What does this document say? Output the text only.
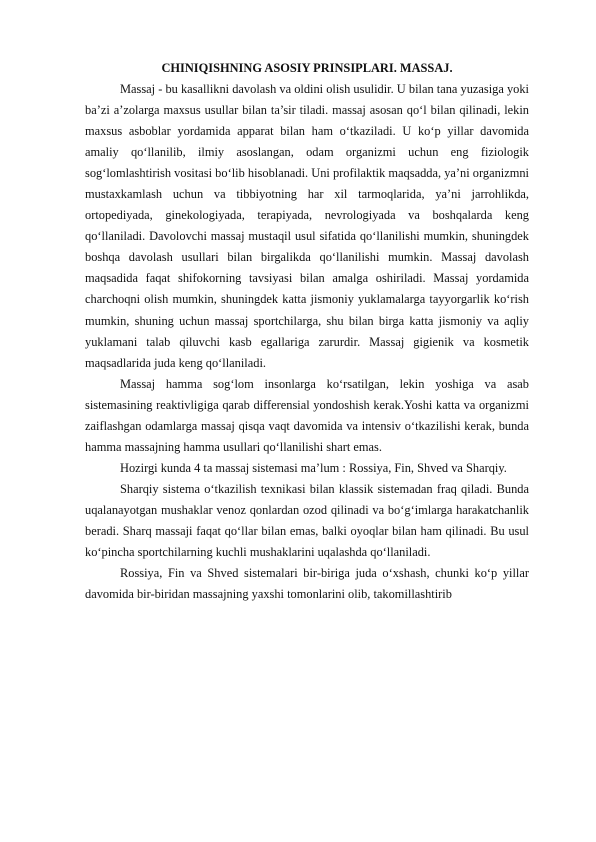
CHINIQISHNING ASOSIY PRINSIPLARI. MASSAJ.

Massaj - bu kasallikni davolash va oldini olish usulidir. U bilan tana yuzasiga yoki ba’zi a’zolarga maxsus usullar bilan ta’sir tiladi. massaj asosan qo‘l bilan qilinadi, lekin maxsus asboblar yordamida apparat bilan ham o‘tkaziladi. U ko‘p yillar davomida amaliy qo‘llanilib, ilmiy asoslangan, odam organizmi uchun eng fiziologik sog‘lomlashtirish vositasi bo‘lib hisoblanadi. Uni profilaktik maqsadda, ya’ni organizmni mustaxkamlash uchun va tibbiyotning har xil tarmoqlarida, ya’ni jarrohlikda, ortopediyada, ginekologiyada, terapiyada, nevrologiyada va boshqalarda keng qo‘llaniladi. Davolovchi massaj mustaqil usul sifatida qo‘llanilishi mumkin, shuningdek boshqa davolash usullari bilan birgalikda qo‘llanilishi mumkin. Massaj davolash maqsadida faqat shifokorning tavsiyasi bilan amalga oshiriladi. Massaj yordamida charchoqni olish mumkin, shuningdek katta jismoniy yuklamalarga tayyorgarlik ko‘rish mumkin, shuning uchun massaj sportchilarga, shu bilan birga katta jismoniy va aqliy yuklamani talab qiluvchi kasb egallariga zarurdir. Massaj gigienik va kosmetik maqsadlarida juda keng qo‘llaniladi.

Massaj hamma sog‘lom insonlarga ko‘rsatilgan, lekin yoshiga va asab sistemasining reaktivligiga qarab differensial yondoshish kerak.Yoshi katta va organizmi zaiflashgan odamlarga massaj qisqa vaqt davomida va intensiv o‘tkazilishi kerak, bunda hamma massajning hamma usullari qo‘llanilishi shart emas.

Hozirgi kunda 4 ta massaj sistemasi ma’lum : Rossiya, Fin, Shved va Sharqiy.

Sharqiy sistema o‘tkazilish texnikasi bilan klassik sistemadan fraq qiladi. Bunda uqalanayotgan mushaklar venoz qonlardan ozod qilinadi va bo‘g‘imlarga harakatchanlik beradi. Sharq massaji faqat qo‘llar bilan emas, balki oyoqlar bilan ham qilinadi. Bu usul ko‘pincha sportchilarning kuchli mushaklarini uqalashda qo‘llaniladi.

Rossiya, Fin va Shved sistemalari bir-biriga juda o‘xshash, chunki ko‘p yillar davomida bir-biridan massajning yaxshi tomonlarini olib, takomillashtirib
